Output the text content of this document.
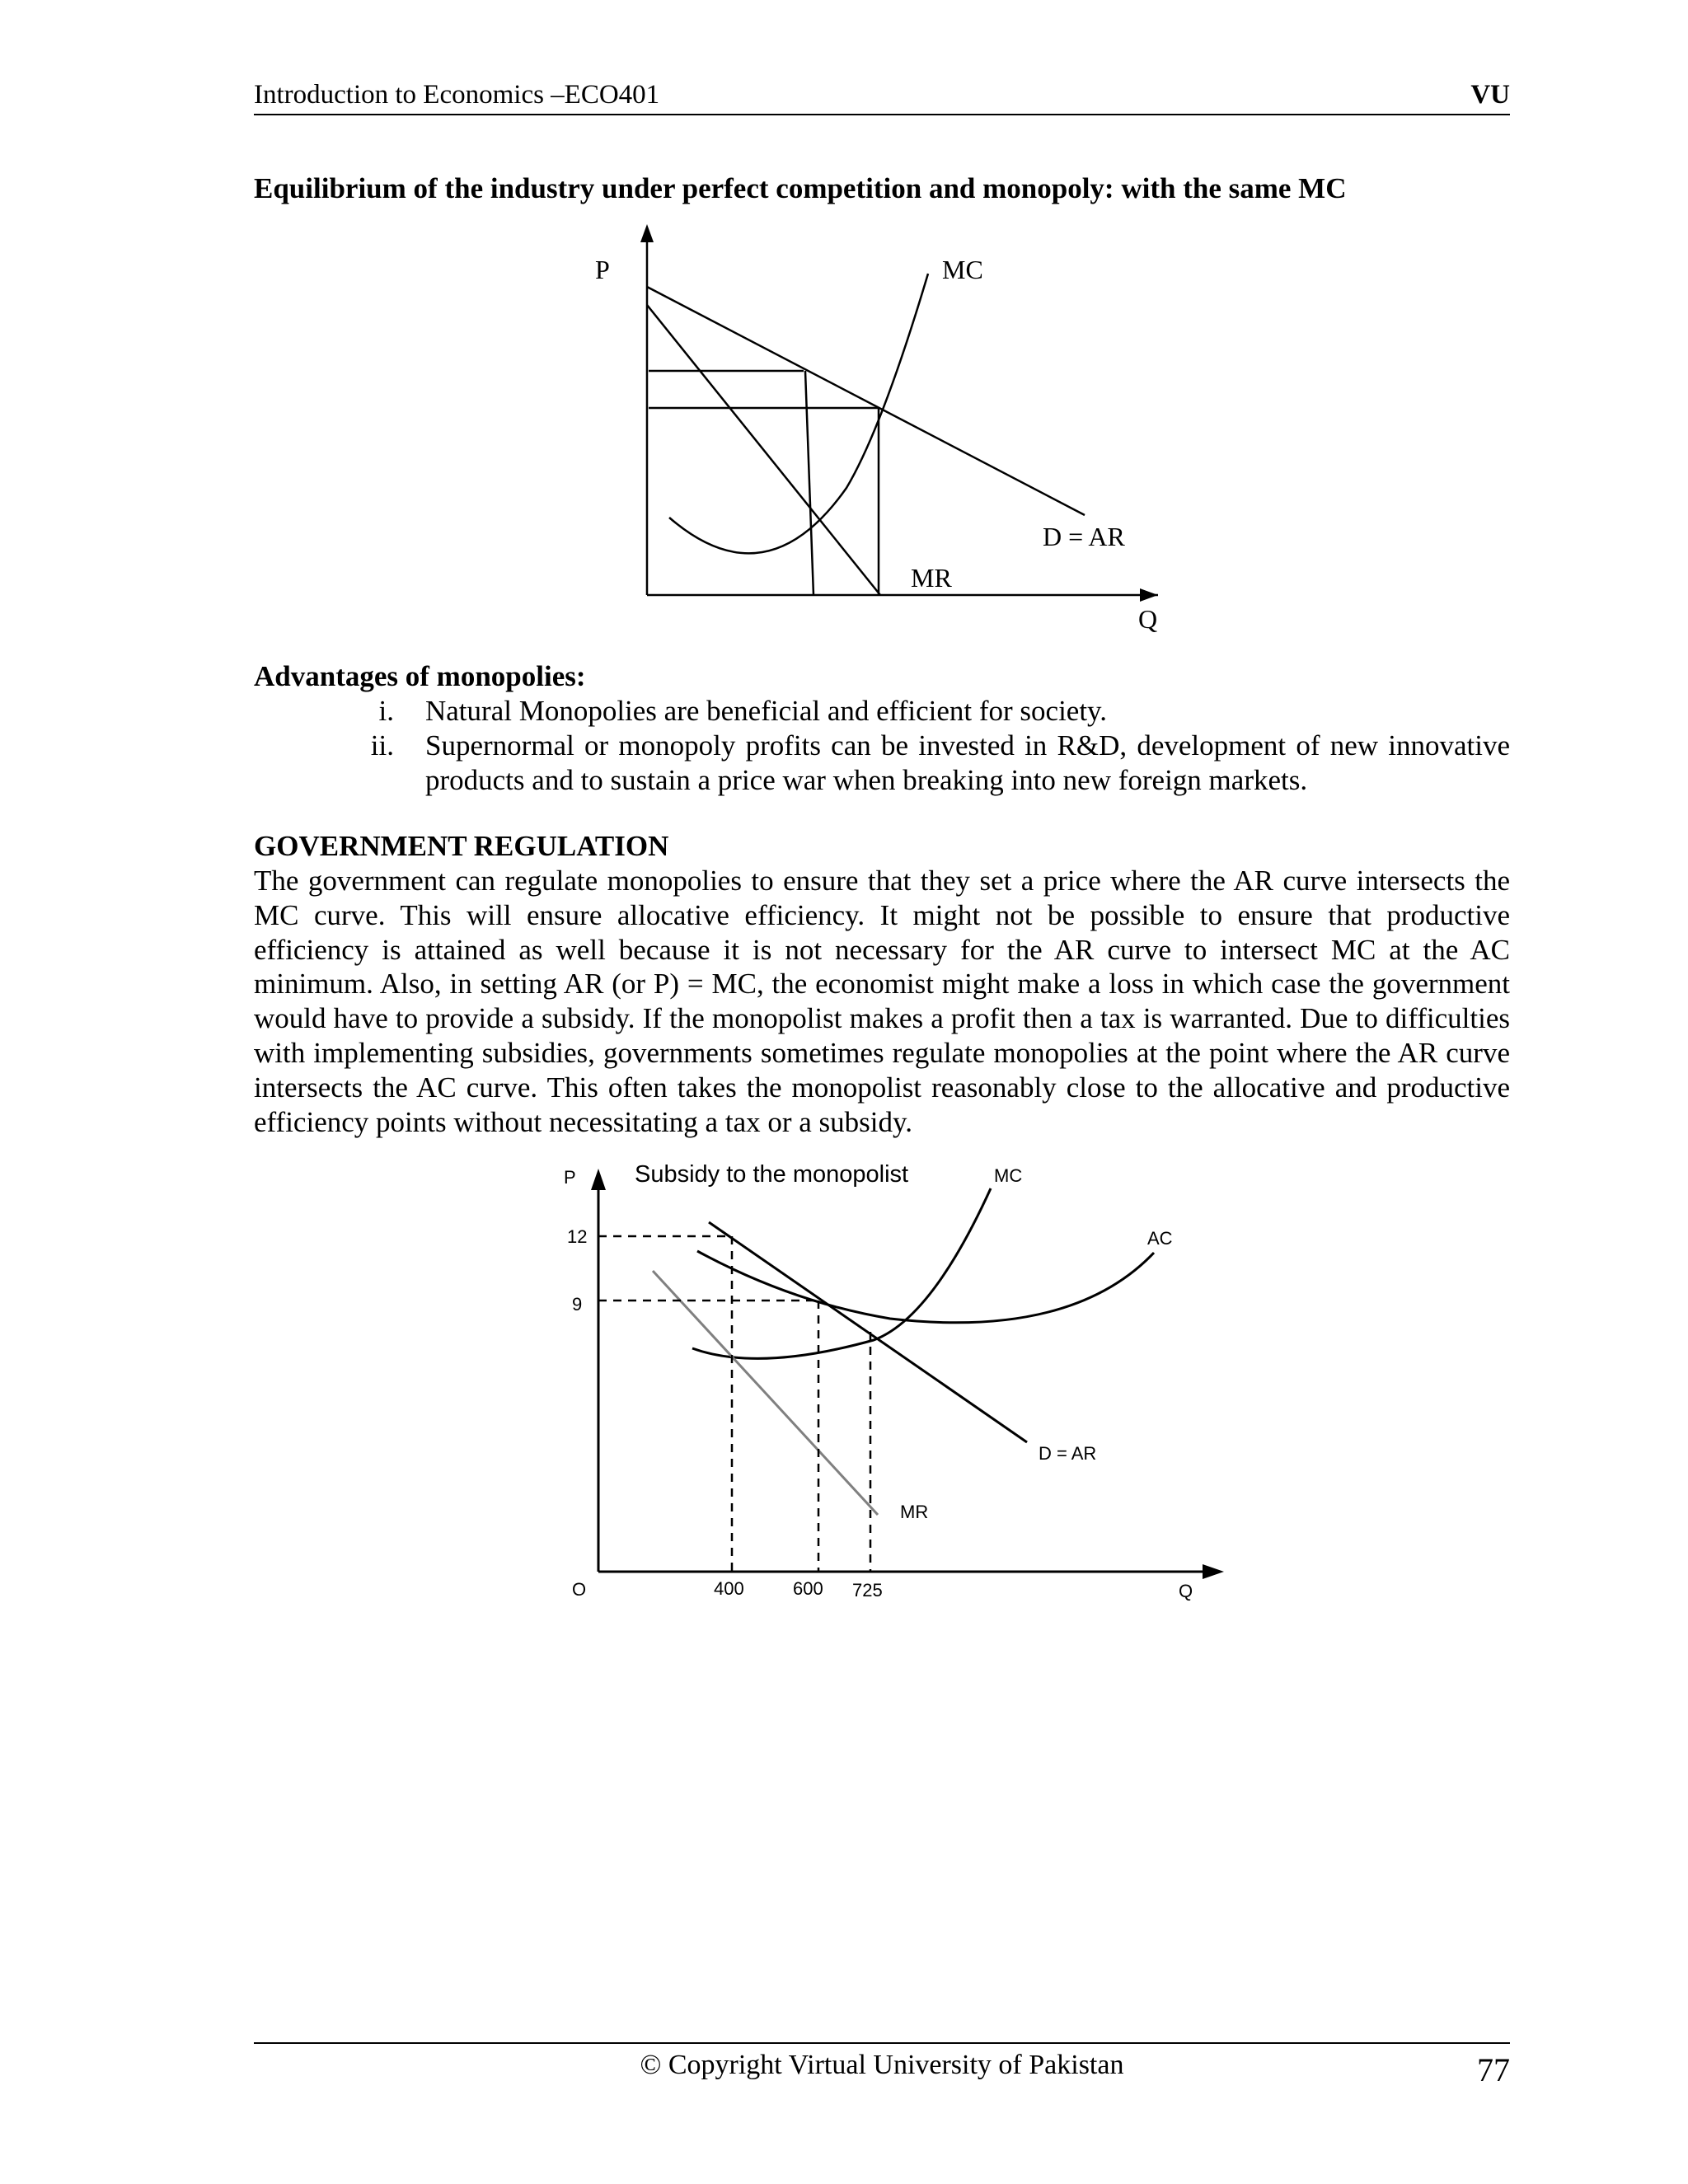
Introduction to Economics –ECO401	VU
Equilibrium of the industry under perfect competition and monopoly: with the same MC
P	MC
D = AR
MR
Q
Advantages of monopolies:
i. Natural Monopolies are beneficial and efficient for society.
ii. Supernormal or monopoly profits can be invested in R&D, development of new innovative products and to sustain a price war when breaking into new foreign markets.
GOVERNMENT REGULATION
The government can regulate monopolies to ensure that they set a price where the AR curve intersects the MC curve. This will ensure allocative efficiency. It might not be possible to ensure that productive efficiency is attained as well because it is not necessary for the AR curve to intersect MC at the AC minimum. Also, in setting AR (or P) = MC, the economist might make a loss in which case the government would have to provide a subsidy. If the monopolist makes a profit then a tax is warranted. Due to difficulties with implementing subsidies, governments sometimes regulate monopolies at the point where the AR curve intersects the AC curve. This often takes the monopolist reasonably close to the allocative and productive efficiency points without necessitating a tax or a subsidy.
P Subsidy to the monopolist	MC
AC
D = AR
MR
12
9
O	400	600 725	Q
© Copyright Virtual University of Pakistan	77
